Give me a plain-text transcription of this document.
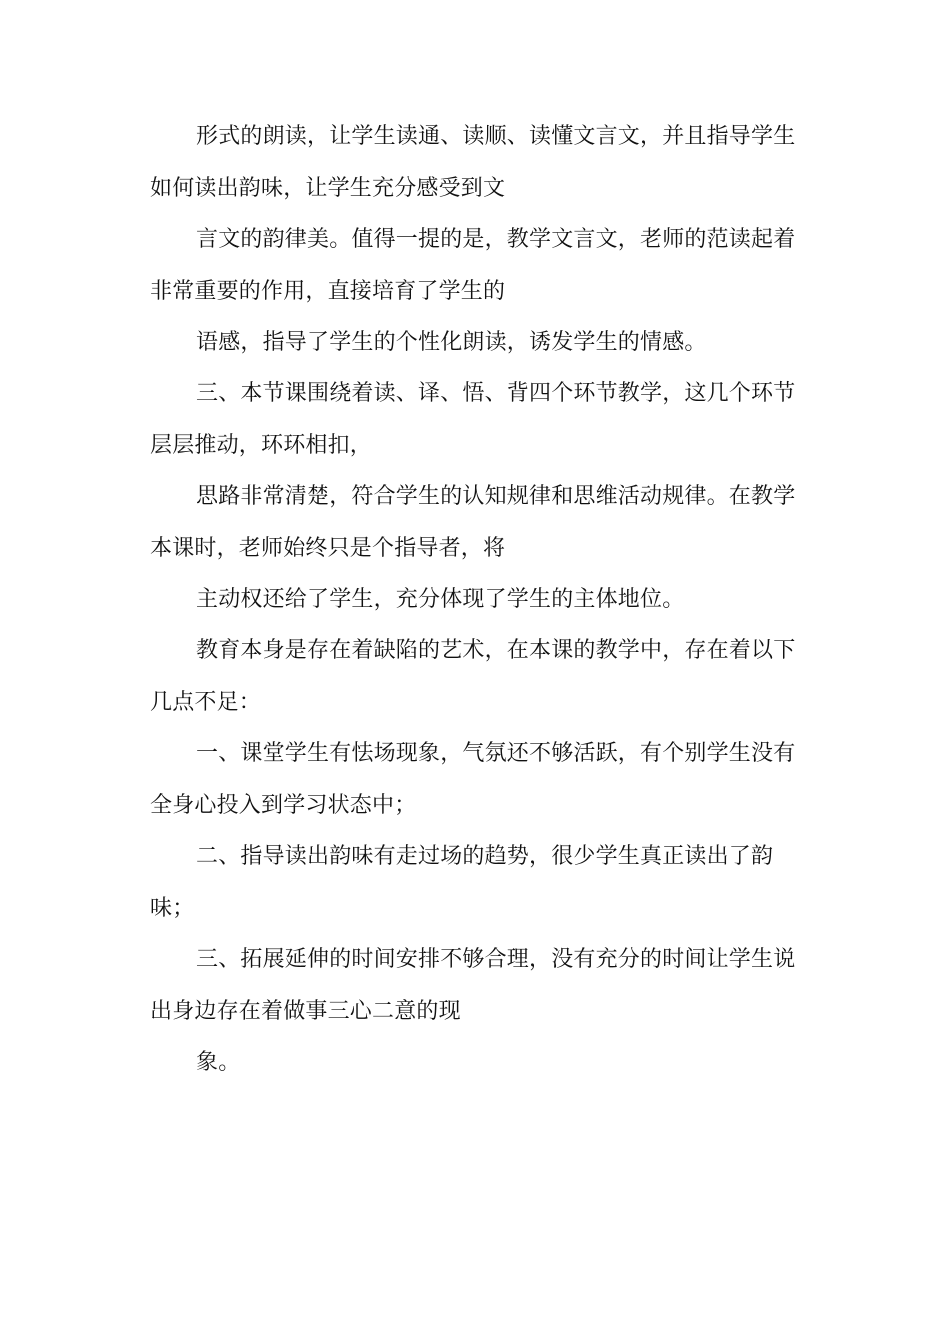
形式的朗读，让学生读通、读顺、读懂文言文，并且指导学生
如何读出韵味，让学生充分感受到文

言文的韵律美。值得一提的是，教学文言文，老师的范读起着
非常重要的作用，直接培育了学生的

语感，指导了学生的个性化朗读，诱发学生的情感。

三、本节课围绕着读、译、悟、背四个环节教学，这几个环节
层层推动，环环相扣，

思路非常清楚，符合学生的认知规律和思维活动规律。在教学
本课时，老师始终只是个指导者，将

主动权还给了学生，充分体现了学生的主体地位。

教育本身是存在着缺陷的艺术，在本课的教学中，存在着以下
几点不足：

一、课堂学生有怯场现象，气氛还不够活跃，有个别学生没有
全身心投入到学习状态中；

二、指导读出韵味有走过场的趋势，很少学生真正读出了韵
味；

三、拓展延伸的时间安排不够合理，没有充分的时间让学生说
出身边存在着做事三心二意的现

象。
